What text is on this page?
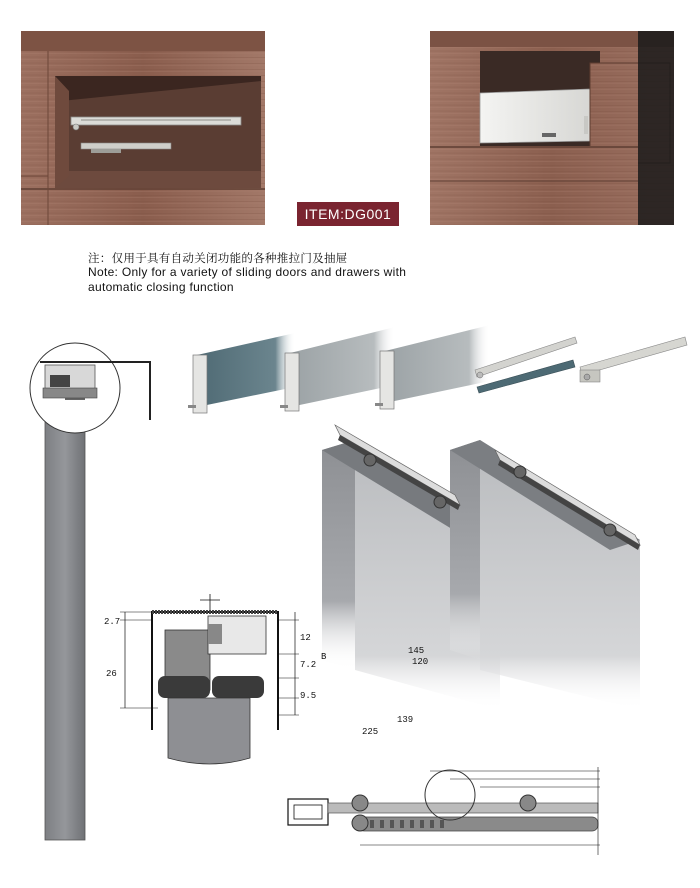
ITEM:DG001
注：仅用于具有自动关闭功能的各种推拉门及抽屉
Note: Only for a variety of sliding doors and drawers with
automatic closing function
2.7
26
12
7.2
B
9.5
145
120
139
225
